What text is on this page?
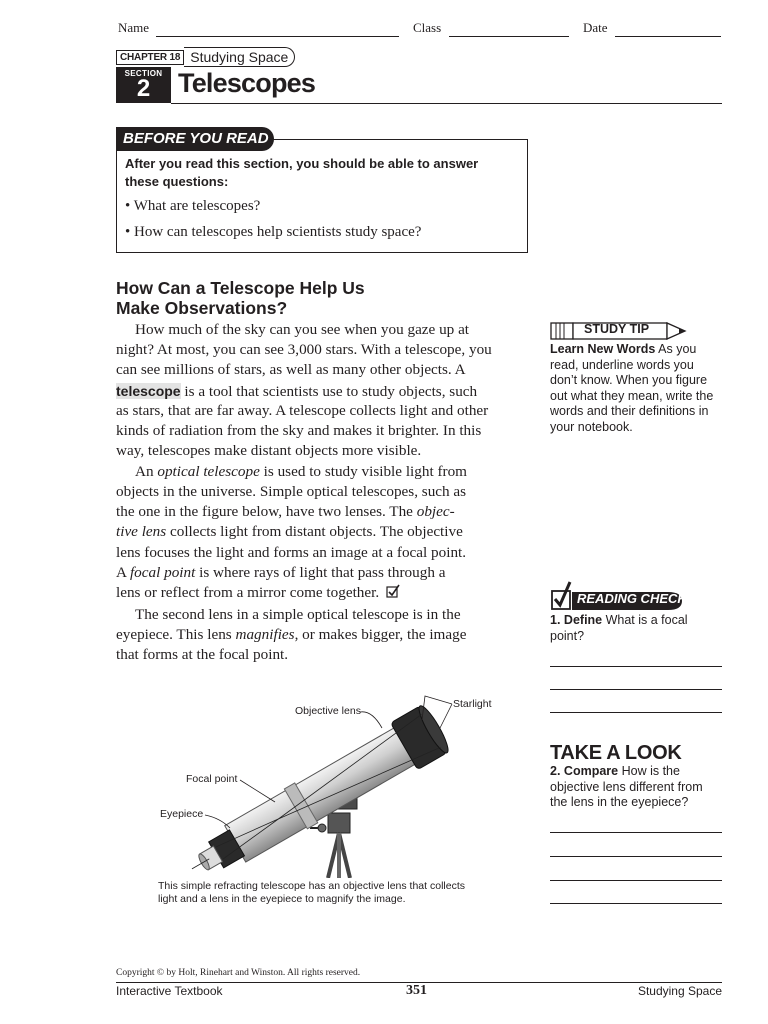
Name	Class	Date
CHAPTER 18 Studying Space
SECTION
2	Telescopes
BEFORE YOU READ
After you read this section, you should be able to answer these questions:
• What are telescopes?
• How can telescopes help scientists study space?
How Can a Telescope Help Us
Make Observations?
How much of the sky can you see when you gaze up at
night? At most, you can see 3,000 stars. With a telescope, you
can see millions of stars, as well as many other objects. A
telescope is a tool that scientists use to study objects, such
as stars, that are far away. A telescope collects light and other
kinds of radiation from the sky and makes it brighter. In this
way, telescopes make distant objects more visible.
An optical telescope is used to study visible light from
objects in the universe. Simple optical telescopes, such as
the one in the figure below, have two lenses. The objec-
tive lens collects light from distant objects. The objective
lens focuses the light and forms an image at a focal point.
A focal point is where rays of light that pass through a
lens or reflect from a mirror come together.
The second lens in a simple optical telescope is in the
eyepiece. This lens magnifies, or makes bigger, the image
that forms at the focal point.
STUDY TIP
Learn New Words As you
read, underline words you
don’t know. When you figure
out what they mean, write the
words and their definitions in
your notebook.
READING CHECK
1. Define What is a focal
point?
TAKE A LOOK
2. Compare How is the
objective lens different from
the lens in the eyepiece?
Objective lens
Starlight
Focal point
Eyepiece
This simple refracting telescope has an objective lens that collects
light and a lens in the eyepiece to magnify the image.
Copyright © by Holt, Rinehart and Winston. All rights reserved.
Interactive Textbook	351	Studying Space
